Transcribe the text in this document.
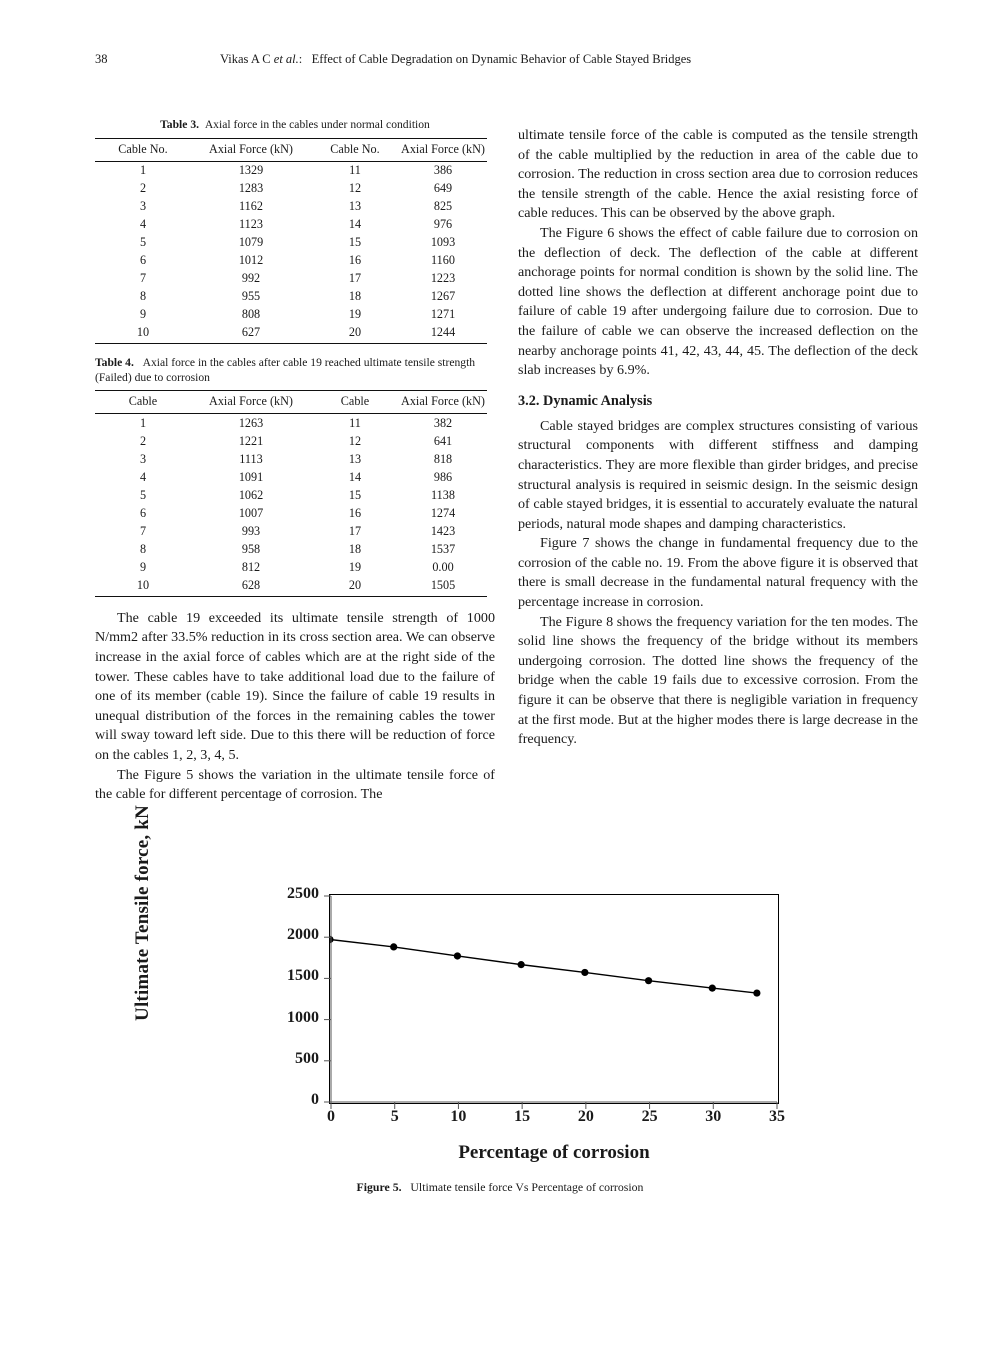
38	Vikas A C et al.: Effect of Cable Degradation on Dynamic Behavior of Cable Stayed Bridges
Table 3. Axial force in the cables under normal condition
Cable No.	Axial Force (kN)	Cable No.	Axial Force (kN)
1	1329	11	386
2	1283	12	649
3	1162	13	825
4	1123	14	976
5	1079	15	1093
6	1012	16	1160
7	992	17	1223
8	955	18	1267
9	808	19	1271
10	627	20	1244
Table 4. Axial force in the cables after cable 19 reached ultimate tensile strength (Failed) due to corrosion
Cable	Axial Force (kN)	Cable	Axial Force (kN)
1	1263	11	382
2	1221	12	641
3	1113	13	818
4	1091	14	986
5	1062	15	1138
6	1007	16	1274
7	993	17	1423
8	958	18	1537
9	812	19	0.00
10	628	20	1505

The cable 19 exceeded its ultimate tensile strength of 1000 N/mm2 after 33.5% reduction in its cross section area. We can observe increase in the axial force of cables which are at the right side of the tower. These cables have to take additional load due to the failure of one of its member (cable 19). Since the failure of cable 19 results in unequal distribution of the forces in the remaining cables the tower will sway toward left side. Due to this there will be reduction of force on the cables 1, 2, 3, 4, 5.

The Figure 5 shows the variation in the ultimate tensile force of the cable for different percentage of corrosion. The

ultimate tensile force of the cable is computed as the tensile strength of the cable multiplied by the reduction in area of the cable due to corrosion. The reduction in cross section area due to corrosion reduces the tensile strength of the cable. Hence the axial resisting force of cable reduces. This can be observed by the above graph.

The Figure 6 shows the effect of cable failure due to corrosion on the deflection of deck. The deflection of the cable at different anchorage points for normal condition is shown by the solid line. The dotted line shows the deflection at different anchorage point due to failure of cable 19 after undergoing failure due to corrosion. Due to the failure of cable we can observe the increased deflection on the nearby anchorage points 41, 42, 43, 44, 45. The deflection of the deck slab increases by 6.9%.

3.2. Dynamic Analysis

Cable stayed bridges are complex structures consisting of various structural components with different stiffness and damping characteristics. They are more flexible than girder bridges, and precise structural analysis is required in seismic design. In the seismic design of cable stayed bridges, it is essential to accurately evaluate the natural periods, natural mode shapes and damping characteristics.

Figure 7 shows the change in fundamental frequency due to the corrosion of the cable no. 19. From the above figure it is observed that there is small decrease in the fundamental natural frequency with the percentage increase in corrosion.

The Figure 8 shows the frequency variation for the ten modes. The solid line shows the frequency of the bridge without its members undergoing corrosion. The dotted line shows the frequency of the bridge when the cable 19 fails due to excessive corrosion. From the figure it can be observe that there is negligible variation in frequency at the first mode. But at the higher modes there is large decrease in the frequency.

Ultimate Tensile force, kN
0
500
1000
1500
2000
2500
0	5	10	15	20	25	30	35
Percentage of corrosion
Figure 5. Ultimate tensile force Vs Percentage of corrosion
